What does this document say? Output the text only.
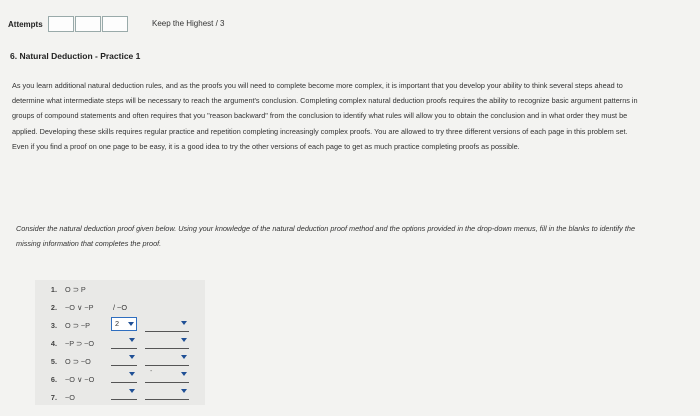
Attempts	Keep the Highest / 3
6. Natural Deduction - Practice 1
As you learn additional natural deduction rules, and as the proofs you will need to complete become more complex, it is important that you develop your ability to think several steps ahead to determine what intermediate steps will be necessary to reach the argument's conclusion. Completing complex natural deduction proofs requires the ability to recognize basic argument patterns in groups of compound statements and often requires that you "reason backward" from the conclusion to identify what rules will allow you to obtain the conclusion and in what order they must be applied. Developing these skills requires regular practice and repetition completing increasingly complex proofs. You are allowed to try three different versions of each page in this problem set. Even if you find a proof on one page to be easy, it is a good idea to try the other versions of each page to get as much practice completing proofs as possible.
Consider the natural deduction proof given below. Using your knowledge of the natural deduction proof method and the options provided in the drop-down menus, fill in the blanks to identify the missing information that completes the proof.
1. O ⊃ P
2. ~O ∨ ~P
3. O ⊃ ~P
4. ~P ⊃ ~O
5. O ⊃ ~O
6. ~O ∨ ~O
7. ~O
/ ~O
2
-
